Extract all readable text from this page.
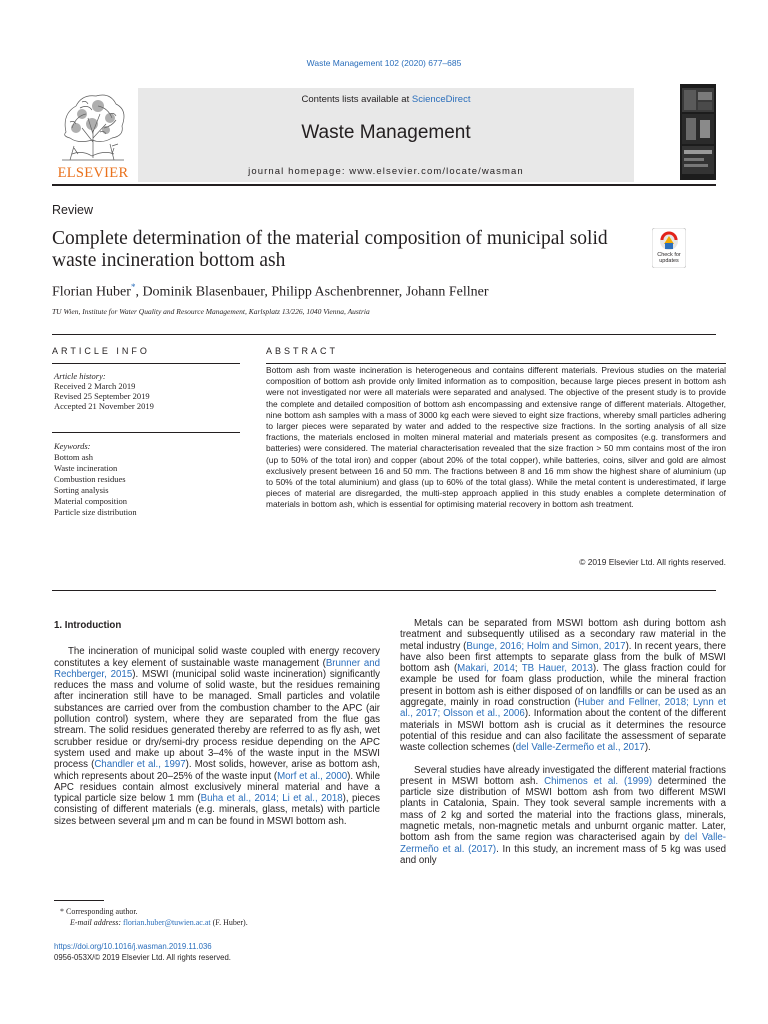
Waste Management 102 (2020) 677–685
ELSEVIER
Contents lists available at ScienceDirect
Waste Management
journal homepage: www.elsevier.com/locate/wasman
Review
Complete determination of the material composition of municipal solid waste incineration bottom ash	Check for updates
Florian Huber*, Dominik Blasenbauer, Philipp Aschenbrenner, Johann Fellner
TU Wien, Institute for Water Quality and Resource Management, Karlsplatz 13/226, 1040 Vienna, Austria
ARTICLE INFO	ABSTRACT
Article history:
Received 2 March 2019
Revised 25 September 2019
Accepted 21 November 2019
Keywords:
Bottom ash
Waste incineration
Combustion residues
Sorting analysis
Material composition
Particle size distribution
Bottom ash from waste incineration is heterogeneous and contains different materials. Previous studies on the material composition of bottom ash provide only limited information as to composition, because large pieces present in bottom ash were not investigated nor were all materials were separated and analysed. The objective of the present study is to provide the complete and detailed composition of bottom ash encompassing and extensive range of different materials. Altogether, nine bottom ash samples with a mass of 3000 kg each were sieved to eight size fractions, whereby small particles adhering to larger pieces were separated by water and added to the respective size fractions. In the sorting analysis of all size fractions, the materials enclosed in molten mineral material and materials present as composites (e.g. transformers and batteries) were considered. The material characterisation revealed that the size fraction > 50 mm contains most of the iron (up to 50% of the total iron) and copper (about 20% of the total copper), while batteries, coins, silver and gold are almost exclusively present between 16 and 50 mm. The fractions between 8 and 16 mm show the highest share of aluminium (up to 50% of the total aluminium) and glass (up to 60% of the total glass). While the metal content is underestimated, if large pieces of material are disregarded, the multi-step approach applied in this study enables a complete determination of materials in bottom ash, which is essential for optimising material recovery in bottom ash treatment.
© 2019 Elsevier Ltd. All rights reserved.
1. Introduction

The incineration of municipal solid waste coupled with energy recovery constitutes a key element of sustainable waste management (Brunner and Rechberger, 2015). MSWI (municipal solid waste incineration) significantly reduces the mass and volume of solid waste, but the residues remaining after incineration still have to be managed. Small particles and volatile substances are carried over from the combustion chamber to the APC (air pollution control) system, where they are separated from the flue gas stream. The solid residues generated thereby are referred to as fly ash, wet scrubber residue or dry/semi-dry process residue depending on the APC system used and make up about 3–4% of the waste input in the MSWI process (Chandler et al., 1997). Most solids, however, arise as bottom ash, which represents about 20–25% of the waste input (Morf et al., 2000). While APC residues contain almost exclusively mineral material and have a typical particle size below 1 mm (Buha et al., 2014; Li et al., 2018), pieces consisting of different materials (e.g. minerals, glass, metals) with particle sizes between several μm and m can be found in MSWI bottom ash.

Metals can be separated from MSWI bottom ash during bottom ash treatment and subsequently utilised as a secondary raw material in the metal industry (Bunge, 2016; Holm and Simon, 2017). In recent years, there have also been first attempts to separate glass from the bulk of MSWI bottom ash (Makari, 2014; TB Hauer, 2013). The glass fraction could for example be used for foam glass production, while the mineral fraction present in bottom ash is either disposed of on landfills or can be used as an aggregate, mainly in road construction (Huber and Fellner, 2018; Lynn et al., 2017; Olsson et al., 2006). Information about the content of the different materials in MSWI bottom ash is crucial as it determines the resource potential of this residue and can also facilitate the assessment of separate waste collection schemes (del Valle-Zermeño et al., 2017).

Several studies have already investigated the different material fractions present in MSWI bottom ash. Chimenos et al. (1999) determined the particle size distribution of MSWI bottom ash from two different MSWI plants in Catalonia, Spain. They took several sample increments with a mass of 2 kg and sorted the material into the fractions glass, minerals, magnetic metals, non-magnetic metals and unburnt organic matter. Later, bottom ash from the same region was characterised again by del Valle-Zermeño et al. (2017). In this study, an increment mass of 5 kg was used and only

* Corresponding author.
E-mail address: florian.huber@tuwien.ac.at (F. Huber).
https://doi.org/10.1016/j.wasman.2019.11.036
0956-053X/© 2019 Elsevier Ltd. All rights reserved.
